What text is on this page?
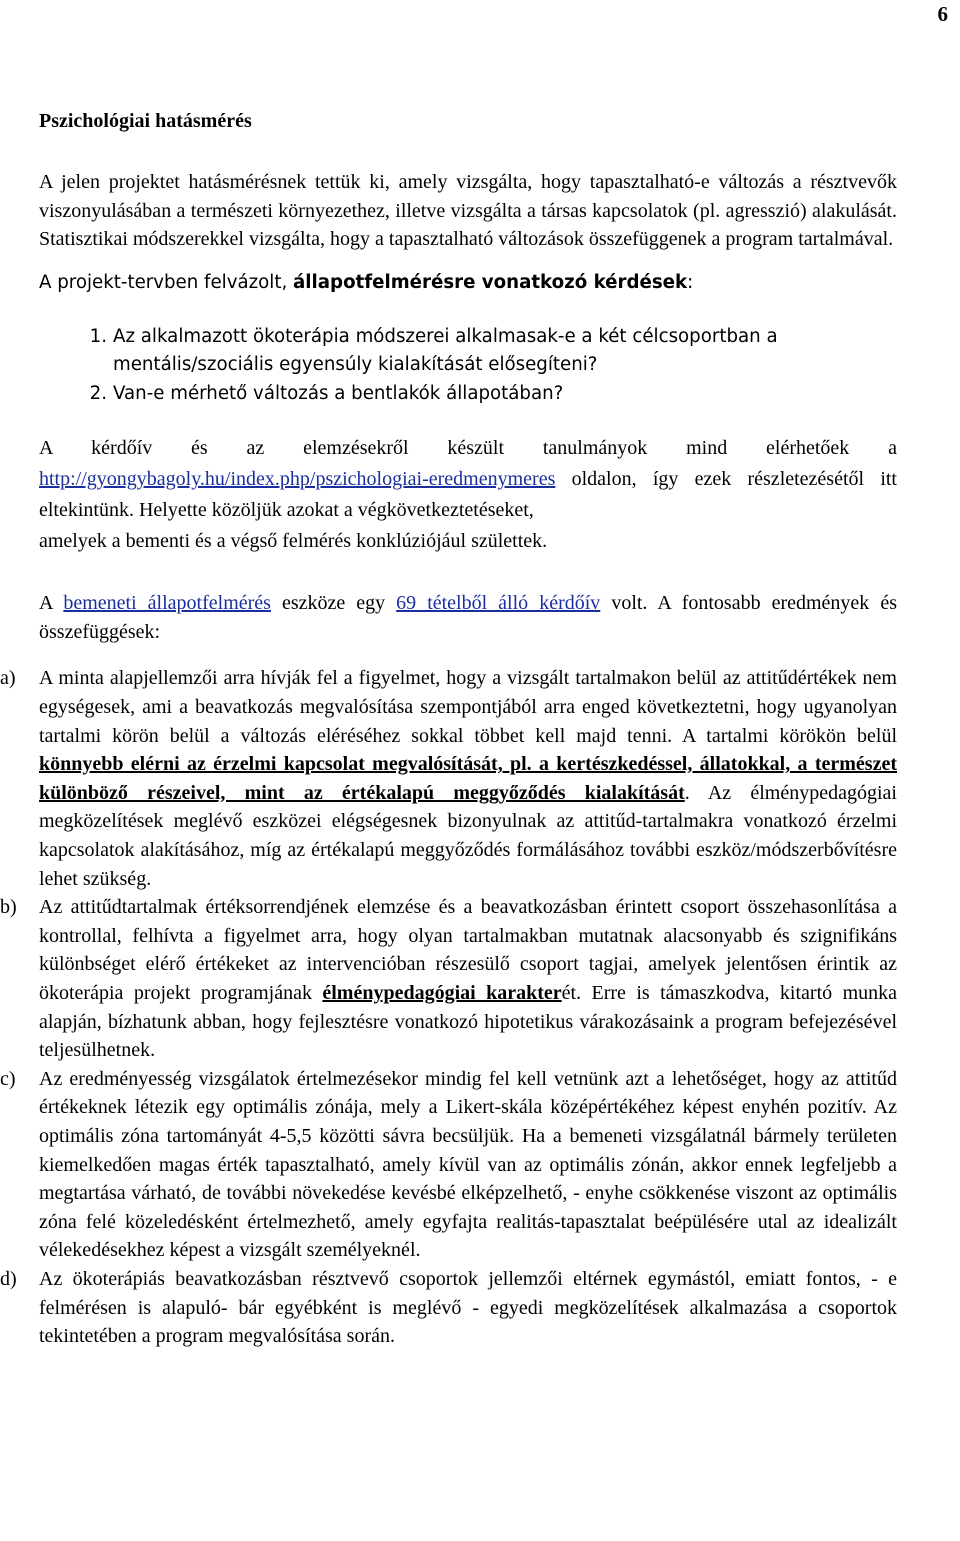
6
Pszichológiai hatásmérés

A jelen projektet hatásmérésnek tettük ki, amely vizsgálta, hogy tapasztalható-e változás a résztvevők viszonyulásában a természeti környezethez, illetve vizsgálta a társas kapcsolatok (pl. agresszió) alakulását. Statisztikai módszerekkel vizsgálta, hogy a tapasztalható változások összefüggenek a program tartalmával.

A projekt-tervben felvázolt, állapotfelmérésre vonatkozó kérdések:

1. Az alkalmazott ökoterápia módszerei alkalmasak-e a két célcsoportban a mentális/szociális egyensúly kialakítását elősegíteni?
2. Van-e mérhető változás a bentlakók állapotában?

A kérdőív és az elemzésekről készült tanulmányok mind elérhetőek a http://gyongybagoly.hu/index.php/pszichologiai-eredmenymeres oldalon, így ezek részletezésétől itt eltekintünk. Helyette közöljük azokat a végkövetkeztetéseket,

amelyek a bementi és a végső felmérés konklúziójául születtek.

A bemeneti állapotfelmérés eszköze egy 69 tételből álló kérdőív volt. A fontosabb eredmények és összefüggések:

a)	A minta alapjellemzői arra hívják fel a figyelmet, hogy a vizsgált tartalmakon belül az attitűdértékek nem egységesek, ami a beavatkozás megvalósítása szempontjából arra enged következtetni, hogy ugyanolyan tartalmi körön belül a változás eléréséhez sokkal többet kell majd tenni. A tartalmi körökön belül könnyebb elérni az érzelmi kapcsolat megvalósítását, pl. a kertészkedéssel, állatokkal, a természet különböző részeivel, mint az értékalapú meggyőződés kialakítását. Az élménypedagógiai megközelítések meglévő eszközei elégségesnek bizonyulnak az attitűd-tartalmakra vonatkozó érzelmi kapcsolatok alakításához, míg az értékalapú meggyőződés formálásához további eszköz/módszerbővítésre lehet szükség.
b)	Az attitűdtartalmak értéksorrendjének elemzése és a beavatkozásban érintett csoport összehasonlítása a kontrollal, felhívta a figyelmet arra, hogy olyan tartalmakban mutatnak alacsonyabb és szignifikáns különbséget elérő értékeket az intervencióban részesülő csoport tagjai, amelyek jelentősen érintik az ökoterápia projekt programjának élménypedagógiai karakterét. Erre is támaszkodva, kitartó munka alapján, bízhatunk abban, hogy fejlesztésre vonatkozó hipotetikus várakozásaink a program befejezésével teljesülhetnek.
c)	Az eredményesség vizsgálatok értelmezésekor mindig fel kell vetnünk azt a lehetőséget, hogy az attitűd értékeknek létezik egy optimális zónája, mely a Likert-skála középértékéhez képest enyhén pozitív. Az optimális zóna tartományát 4-5,5 közötti sávra becsüljük. Ha a bemeneti vizsgálatnál bármely területen kiemelkedően magas érték tapasztalható, amely kívül van az optimális zónán, akkor ennek legfeljebb a megtartása várható, de további növekedése kevésbé elképzelhető, - enyhe csökkenése viszont az optimális zóna felé közeledésként értelmezhető, amely egyfajta realitás-tapasztalat beépülésére utal az idealizált vélekedésekhez képest a vizsgált személyeknél.
d)	Az ökoterápiás beavatkozásban résztvevő csoportok jellemzői eltérnek egymástól, emiatt fontos, - e felmérésen is alapuló- bár egyébként is meglévő - egyedi megközelítések alkalmazása a csoportok tekintetében a program megvalósítása során.
